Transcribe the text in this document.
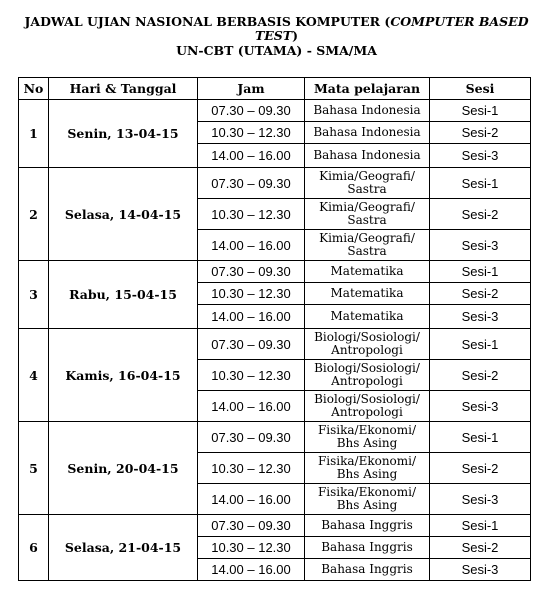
JADWAL UJIAN NASIONAL BERBASIS KOMPUTER (COMPUTER BASED
TEST)
UN-CBT (UTAMA) - SMA/MA
No	Hari & Tanggal	Jam	Mata pelajaran	Sesi
1	Senin, 13-04-15	07.30 – 09.30	Bahasa Indonesia	Sesi-1
		10.30 – 12.30	Bahasa Indonesia	Sesi-2
		14.00 – 16.00	Bahasa Indonesia	Sesi-3
2	Selasa, 14-04-15	07.30 – 09.30	Kimia/Geografi/ Sastra	Sesi-1
		10.30 – 12.30	Kimia/Geografi/ Sastra	Sesi-2
		14.00 – 16.00	Kimia/Geografi/ Sastra	Sesi-3
3	Rabu, 15-04-15	07.30 – 09.30	Matematika	Sesi-1
		10.30 – 12.30	Matematika	Sesi-2
		14.00 – 16.00	Matematika	Sesi-3
4	Kamis, 16-04-15	07.30 – 09.30	Biologi/Sosiologi/ Antropologi	Sesi-1
		10.30 – 12.30	Biologi/Sosiologi/ Antropologi	Sesi-2
		14.00 – 16.00	Biologi/Sosiologi/ Antropologi	Sesi-3
5	Senin, 20-04-15	07.30 – 09.30	Fisika/Ekonomi/ Bhs Asing	Sesi-1
		10.30 – 12.30	Fisika/Ekonomi/ Bhs Asing	Sesi-2
		14.00 – 16.00	Fisika/Ekonomi/ Bhs Asing	Sesi-3
6	Selasa, 21-04-15	07.30 – 09.30	Bahasa Inggris	Sesi-1
		10.30 – 12.30	Bahasa Inggris	Sesi-2
		14.00 – 16.00	Bahasa Inggris	Sesi-3
